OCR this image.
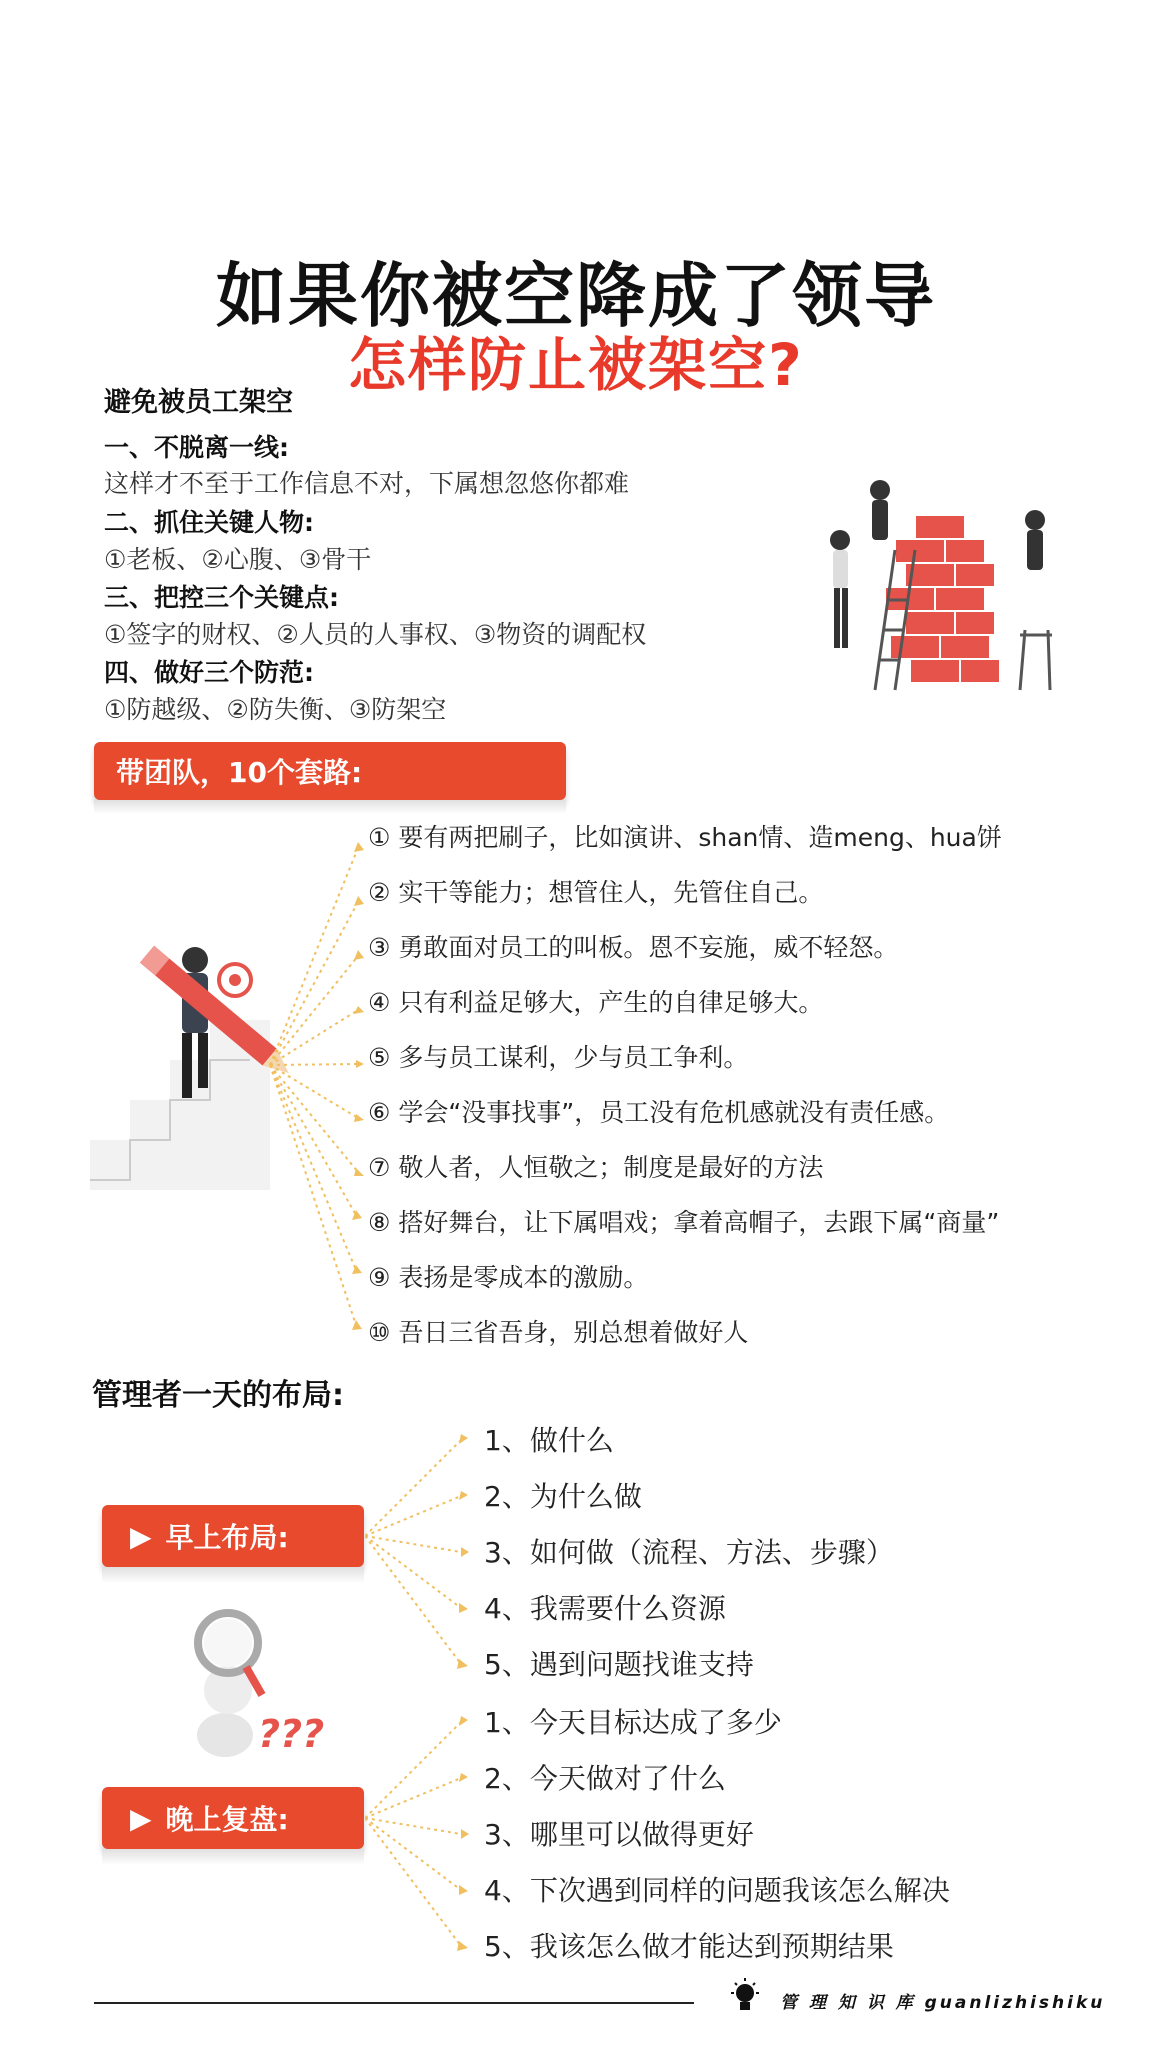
如果你被空降成了领导
怎样防止被架空?
避免被员工架空
一、不脱离一线:
这样才不至于工作信息不对，下属想忽悠你都难
二、抓住关键人物:
①老板、②心腹、③骨干
三、把控三个关键点:
①签字的财权、②人员的人事权、③物资的调配权
四、做好三个防范:
①防越级、②防失衡、③防架空
带团队，10个套路:
① 要有两把刷子，比如演讲、shan情、造meng、hua饼
② 实干等能力；想管住人，先管住自己。
③ 勇敢面对员工的叫板。恩不妄施，威不轻怒。
④ 只有利益足够大，产生的自律足够大。
⑤ 多与员工谋利，少与员工争利。
⑥ 学会“没事找事”，员工没有危机感就没有责任感。
⑦ 敬人者，人恒敬之；制度是最好的方法
⑧ 搭好舞台，让下属唱戏；拿着高帽子，去跟下属“商量”
⑨ 表扬是零成本的激励。
⑩ 吾日三省吾身，别总想着做好人
管理者一天的布局:
▶ 早上布局:
▶ 晚上复盘:
???
1、做什么
2、为什么做
3、如何做（流程、方法、步骤）
4、我需要什么资源
5、遇到问题找谁支持
1、今天目标达成了多少
2、今天做对了什么
3、哪里可以做得更好
4、下次遇到同样的问题我该怎么解决
5、我该怎么做才能达到预期结果
管 理 知 识 库 guanlizhishiku
